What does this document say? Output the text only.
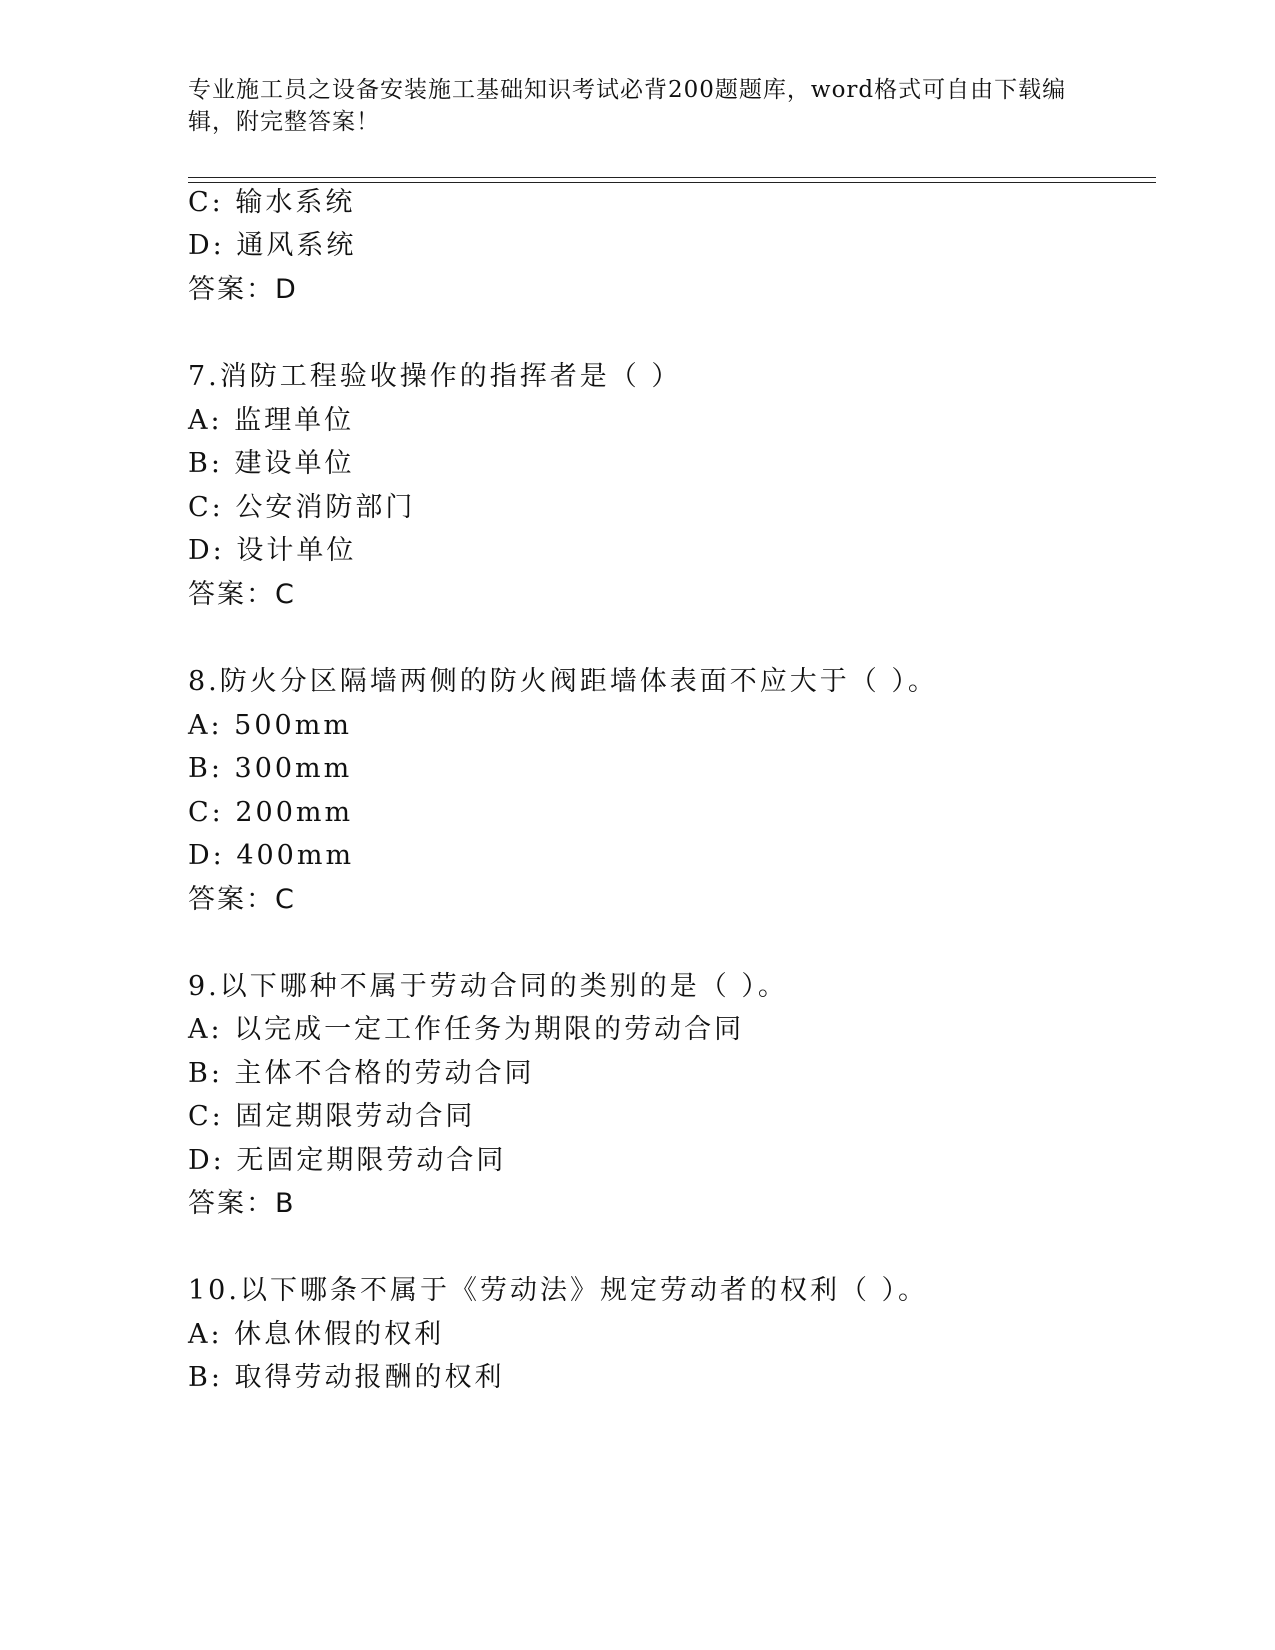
专业施工员之设备安装施工基础知识考试必背200题题库，word格式可自由下载编辑，附完整答案！
C: 输水系统
D: 通风系统
答案：D
7.消防工程验收操作的指挥者是（ ）
A: 监理单位
B: 建设单位
C: 公安消防部门
D: 设计单位
答案：C
8.防火分区隔墙两侧的防火阀距墙体表面不应大于（ ）。
A: 500mm
B: 300mm
C: 200mm
D: 400mm
答案：C
9.以下哪种不属于劳动合同的类别的是（ ）。
A: 以完成一定工作任务为期限的劳动合同
B: 主体不合格的劳动合同
C: 固定期限劳动合同
D: 无固定期限劳动合同
答案：B
10.以下哪条不属于《劳动法》规定劳动者的权利（ ）。
A: 休息休假的权利
B: 取得劳动报酬的权利
